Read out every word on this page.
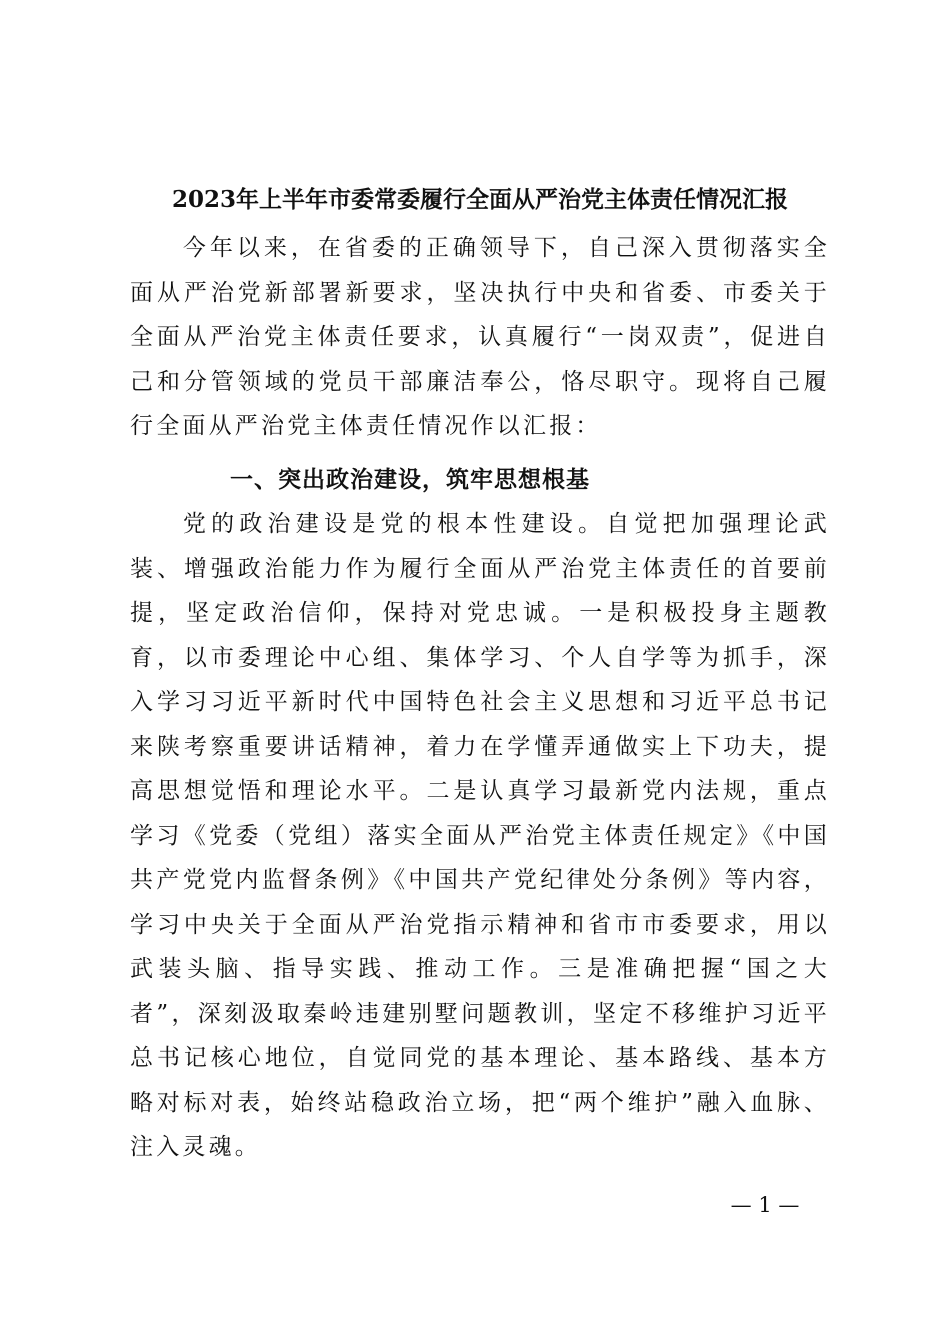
2023年上半年市委常委履行全面从严治党主体责任情况汇报

今年以来，在省委的正确领导下，自己深入贯彻落实全面从严治党新部署新要求，坚决执行中央和省委、市委关于全面从严治党主体责任要求，认真履行“一岗双责”，促进自己和分管领域的党员干部廉洁奉公，恪尽职守。现将自己履行全面从严治党主体责任情况作以汇报：

一、突出政治建设，筑牢思想根基

党的政治建设是党的根本性建设。自觉把加强理论武装、增强政治能力作为履行全面从严治党主体责任的首要前提，坚定政治信仰，保持对党忠诚。一是积极投身主题教育，以市委理论中心组、集体学习、个人自学等为抓手，深入学习习近平新时代中国特色社会主义思想和习近平总书记来陕考察重要讲话精神，着力在学懂弄通做实上下功夫，提高思想觉悟和理论水平。二是认真学习最新党内法规，重点学习《党委（党组）落实全面从严治党主体责任规定》《中国共产党党内监督条例》《中国共产党纪律处分条例》等内容，学习中央关于全面从严治党指示精神和省市市委要求，用以武装头脑、指导实践、推动工作。三是准确把握“国之大者”，深刻汲取秦岭违建别墅问题教训，坚定不移维护习近平总书记核心地位，自觉同党的基本理论、基本路线、基本方略对标对表，始终站稳政治立场，把“两个维护”融入血脉、注入灵魂。

— 1 —
